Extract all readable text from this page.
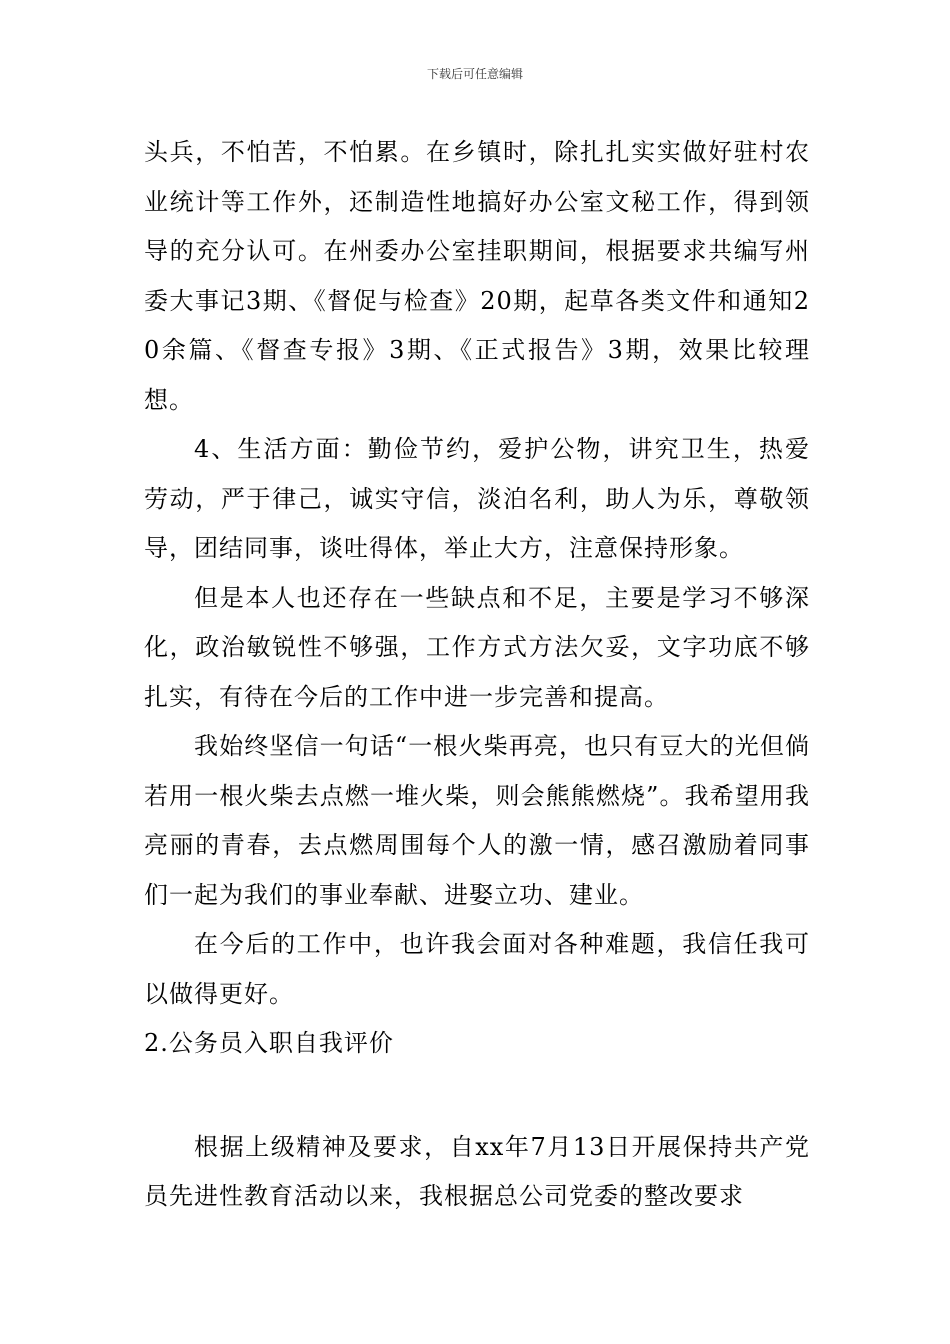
下载后可任意编辑

头兵，不怕苦，不怕累。在乡镇时，除扎扎实实做好驻村农业统计等工作外，还制造性地搞好办公室文秘工作，得到领导的充分认可。在州委办公室挂职期间，根据要求共编写州委大事记3期、《督促与检查》20期，起草各类文件和通知20余篇、《督查专报》3期、《正式报告》3期，效果比较理想。

4、生活方面：勤俭节约，爱护公物，讲究卫生，热爱劳动，严于律己，诚实守信，淡泊名利，助人为乐，尊敬领导，团结同事，谈吐得体，举止大方，注意保持形象。

但是本人也还存在一些缺点和不足，主要是学习不够深化，政治敏锐性不够强，工作方式方法欠妥，文字功底不够扎实，有待在今后的工作中进一步完善和提高。

我始终坚信一句话“一根火柴再亮，也只有豆大的光但倘若用一根火柴去点燃一堆火柴，则会熊熊燃烧”。我希望用我亮丽的青春，去点燃周围每个人的激一情，感召激励着同事们一起为我们的事业奉献、进娶立功、建业。

在今后的工作中，也许我会面对各种难题，我信任我可以做得更好。

2.公务员入职自我评价

根据上级精神及要求，自xx年7月13日开展保持共产党员先进性教育活动以来，我根据总公司党委的整改要求
